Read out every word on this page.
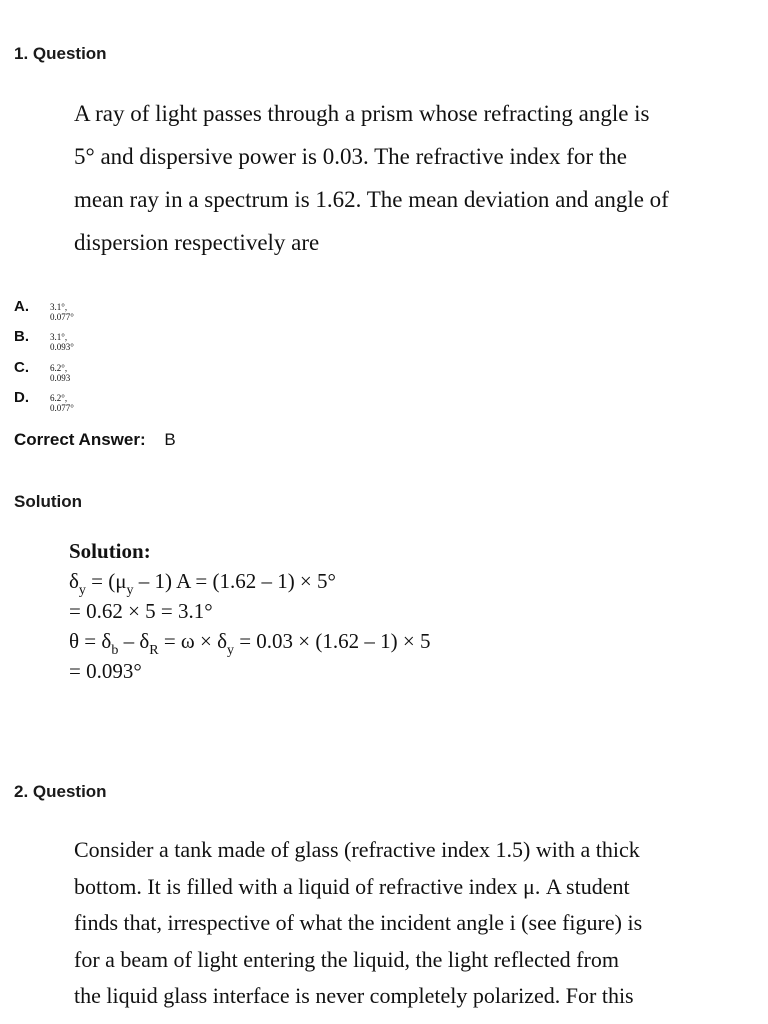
1. Question
A ray of light passes through a prism whose refracting angle is
5° and dispersive power is 0.03. The refractive index for the
mean ray in a spectrum is 1.62. The mean deviation and angle of
dispersion respectively are
A. 3.1°, 0.077°
B. 3.1°, 0.093°
C. 6.2°, 0.093
D. 6.2°, 0.077°
Correct Answer: B
Solution
Solution:
$\delta_y = (\mu_y - 1) A = (1.62 - 1) \times 5^\circ$
= 0.62 × 5 = 3.1°
$\theta = \delta_b - \delta_R = \omega \times \delta_y = 0.03 \times (1.62 - 1) \times 5$
= 0.093°
2. Question
Consider a tank made of glass (refractive index 1.5) with a thick
bottom. It is filled with a liquid of refractive index μ. A student
finds that, irrespective of what the incident angle i (see figure) is
for a beam of light entering the liquid, the light reflected from
the liquid glass interface is never completely polarized. For this
